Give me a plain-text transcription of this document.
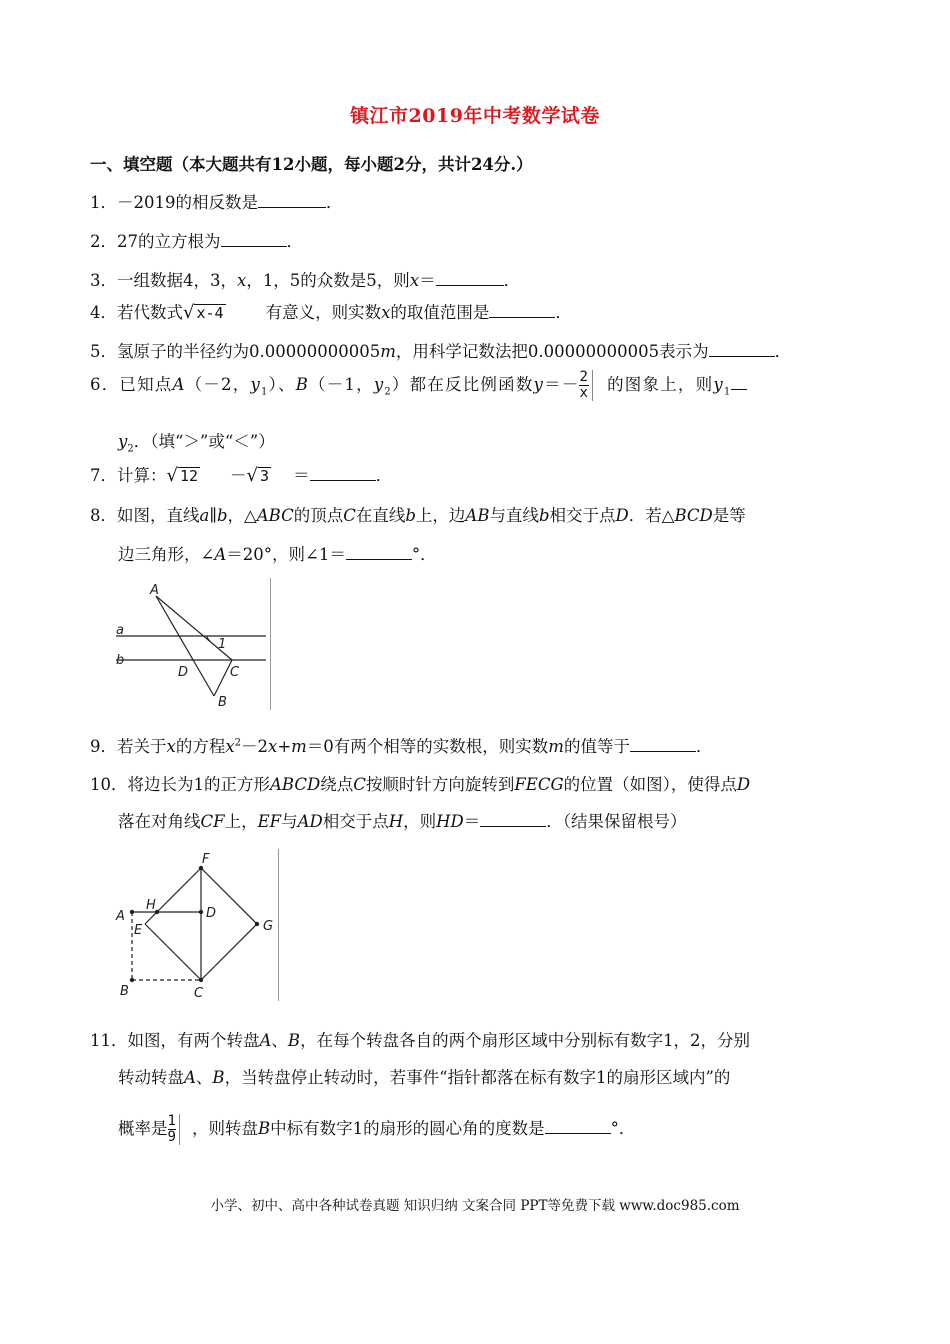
镇江市2019年中考数学试卷
一、填空题（本大题共有12小题，每小题2分，共计24分.）
1．－2019的相反数是	．
2．27的立方根为	．
3．一组数据4，3，x，1，5的众数是5，则x＝	．
4．若代数式√ x-4	有意义，则实数x的取值范围是	．
5．氢原子的半径约为0.00000000005m，用科学记数法把0.00000000005表示为	．
6．已知点A（－2，$y_1$）、B（－1，$y_2$）都在反比例函数$y=- \frac{2}{x}$ 的图象上，则$y_1$
$y_2$．（填“＞”或“＜”）
7．计算：√ 12 －√ 3 ＝	．
8．如图，直线a∥b，△ABC的顶点C在直线b上，边AB与直线b相交于点D．若△BCD是等
边三角形，∠A＝20°，则∠1＝	°．
A
a
b
1
D	C
B
9．若关于x的方程$x^2-2x+m=0$有两个相等的实数根，则实数m的值等于	．
10．将边长为1的正方形ABCD绕点C按顺时针方向旋转到FECG的位置（如图），使得点D
落在对角线CF上，EF与AD相交于点H，则HD＝	．（结果保留根号）
F
A
H
D
G
E
B	C
11．如图，有两个转盘A、B，在每个转盘各自的两个扇形区域中分别标有数字1，2，分别
转动转盘A、B，当转盘停止转动时，若事件“指针都落在标有数字1的扇形区域内”的
概率是 $\frac{1}{9}$ ，则转盘B中标有数字1的扇形的圆心角的度数是	°．
小学、初中、高中各种试卷真题 知识归纳 文案合同 PPT等免费下载 www.doc985.com
